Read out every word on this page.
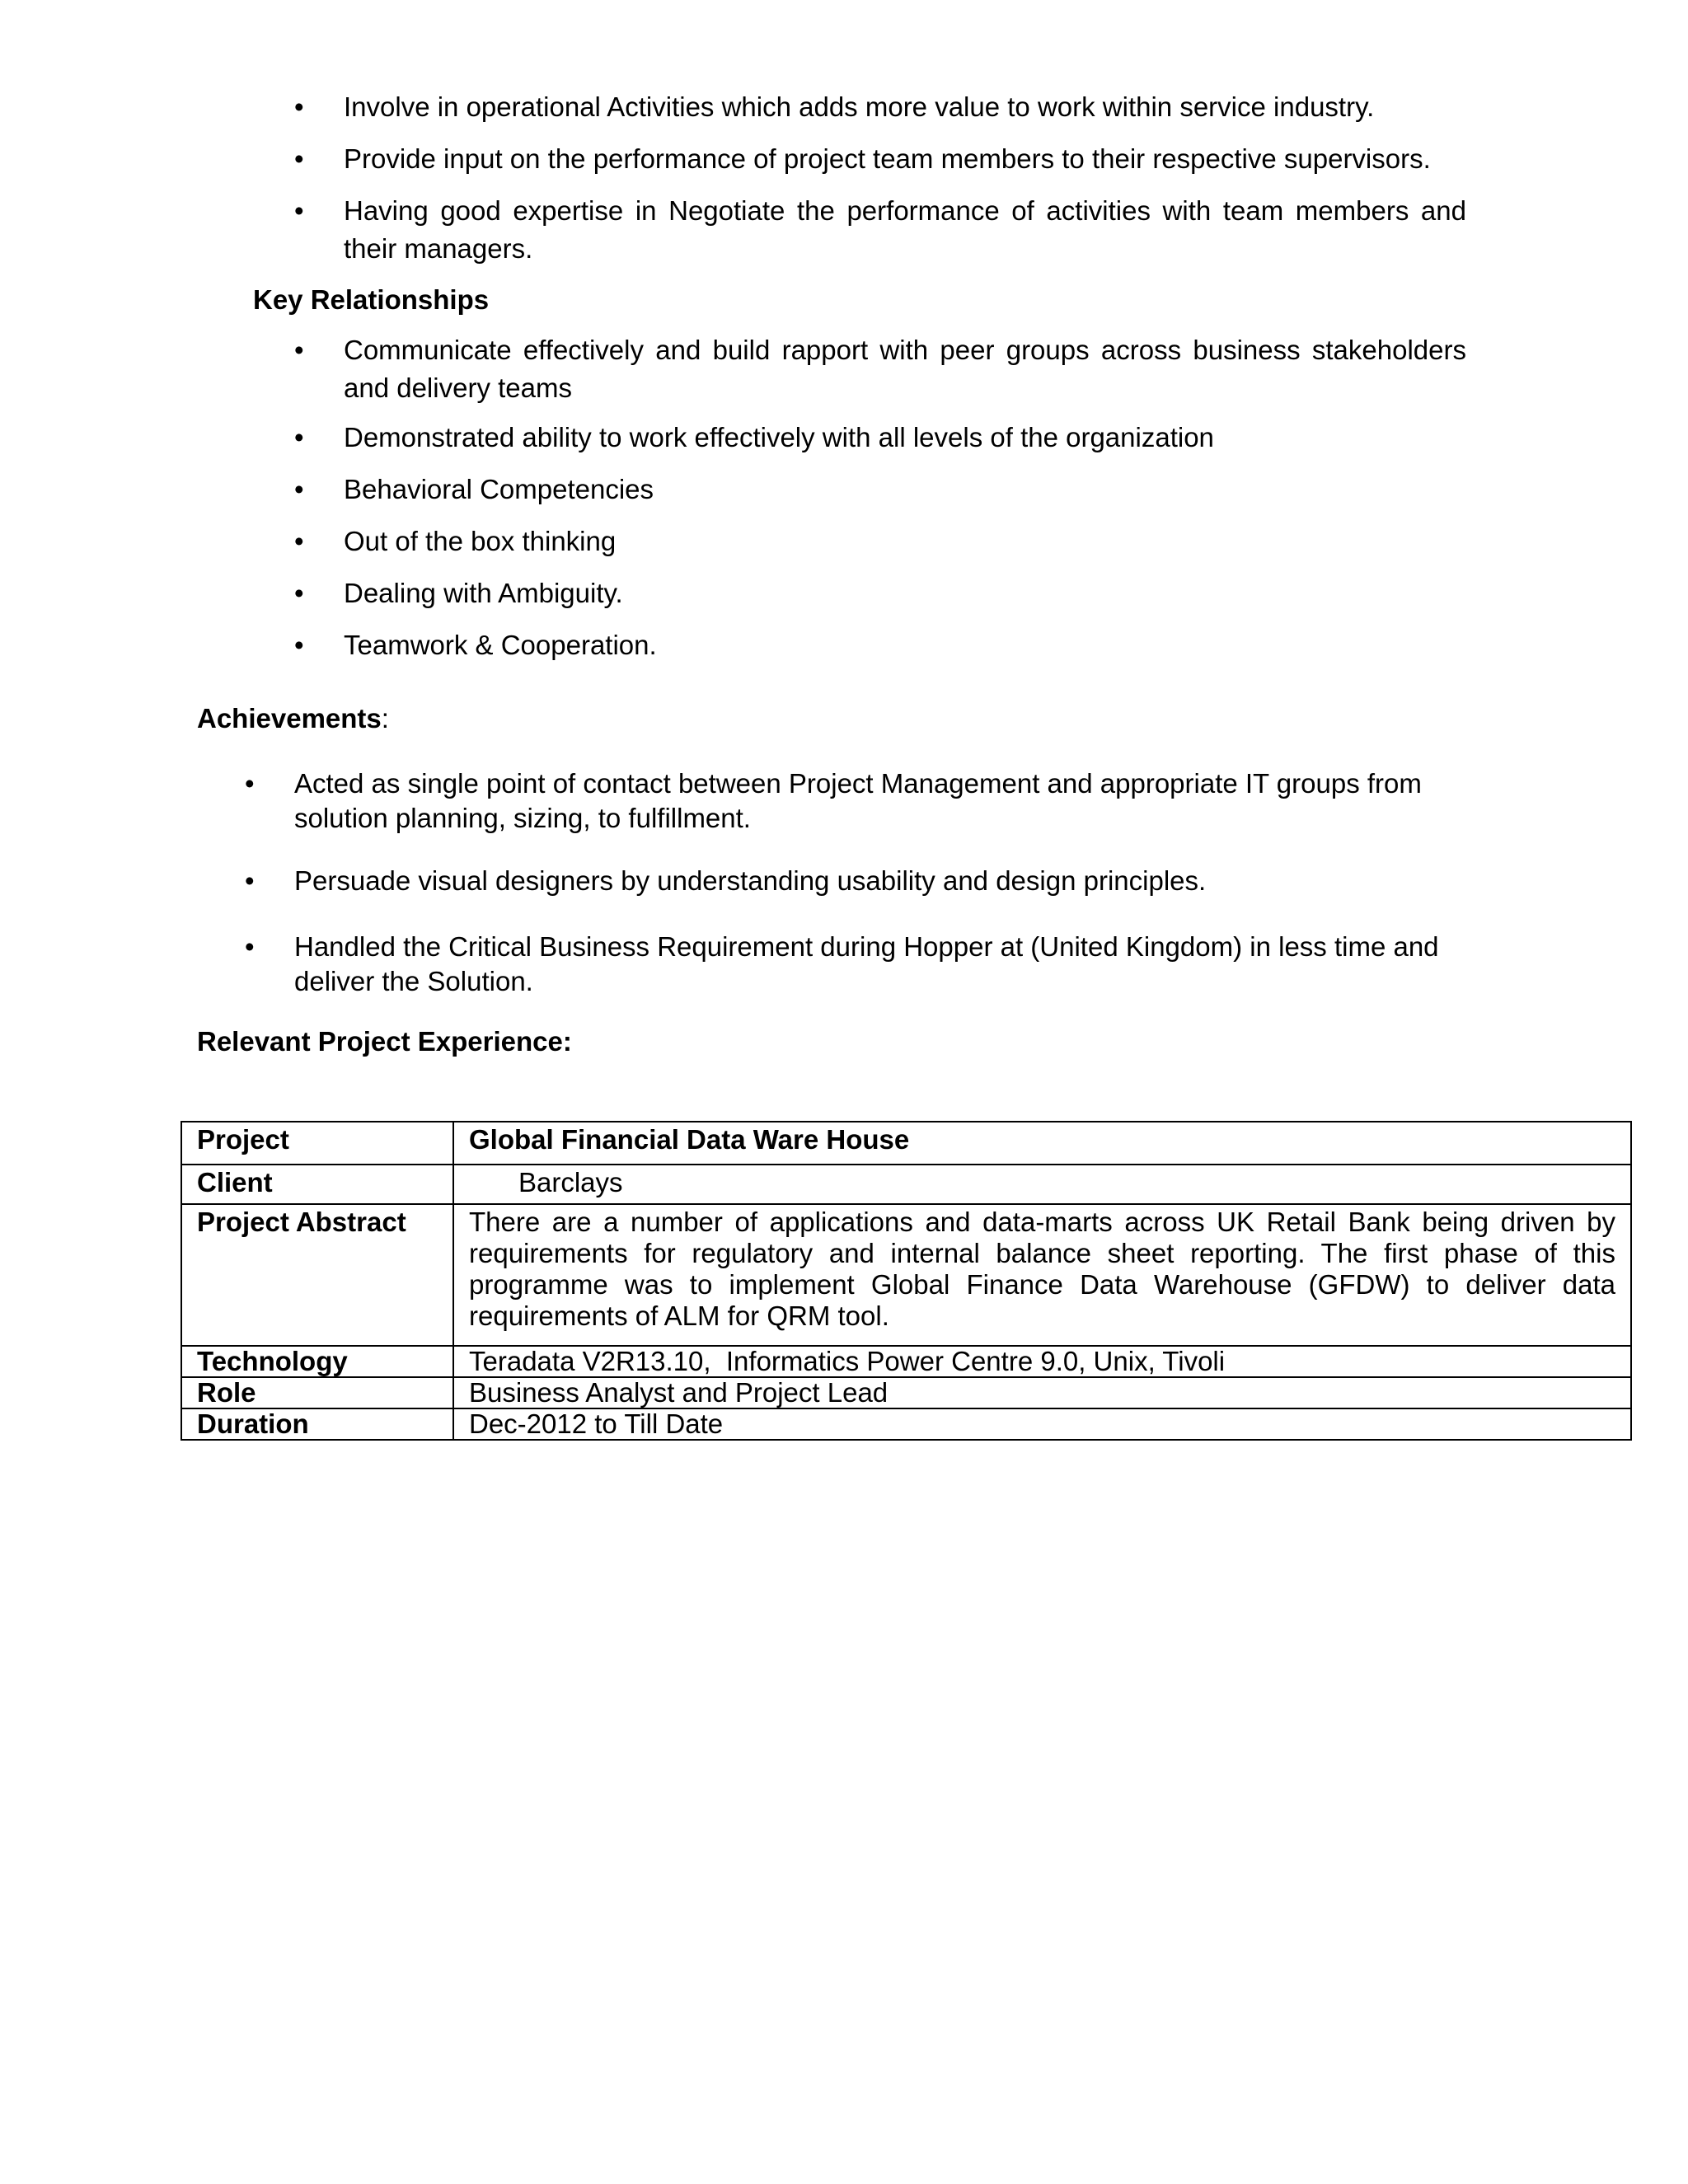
• Involve in operational Activities which adds more value to work within service industry.
• Provide input on the performance of project team members to their respective supervisors.
• Having good expertise in Negotiate the performance of activities with team members and their managers.
Key Relationships
• Communicate effectively and build rapport with peer groups across business stakeholders and delivery teams
• Demonstrated ability to work effectively with all levels of the organization
• Behavioral Competencies
• Out of the box thinking
• Dealing with Ambiguity.
• Teamwork & Cooperation.
Achievements:
• Acted as single point of contact between Project Management and appropriate IT groups from solution planning, sizing, to fulfillment.
• Persuade visual designers by understanding usability and design principles.
• Handled the Critical Business Requirement during Hopper at (United Kingdom) in less time and deliver the Solution.
Relevant Project Experience:
Project	Global Financial Data Ware House
Client	Barclays
Project Abstract	There are a number of applications and data-marts across UK Retail Bank being driven by requirements for regulatory and internal balance sheet reporting. The first phase of this programme was to implement Global Finance Data Warehouse (GFDW) to deliver data requirements of ALM for QRM tool.
Technology	Teradata V2R13.10,  Informatics Power Centre 9.0, Unix, Tivoli
Role	Business Analyst and Project Lead
Duration	Dec-2012 to Till Date
